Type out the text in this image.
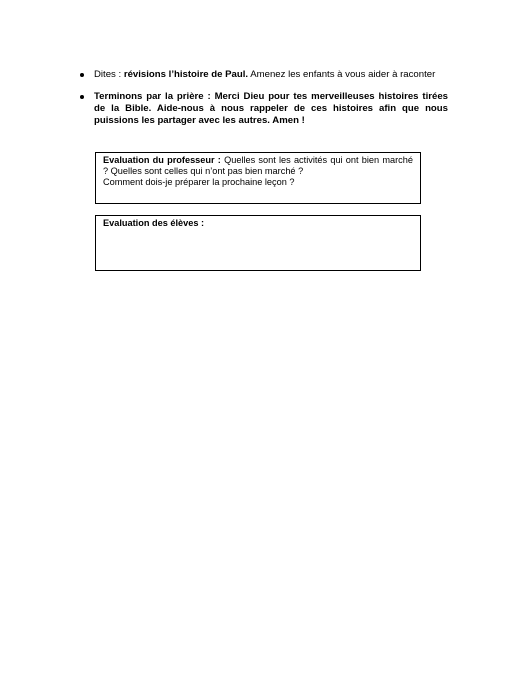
Dites : révisions l’histoire de Paul. Amenez les enfants à vous aider à raconter
Terminons par la prière : Merci Dieu pour tes merveilleuses histoires tirées de la Bible. Aide-nous à nous rappeler de ces histoires afin que nous puissions les partager avec les autres. Amen !
Evaluation du professeur : Quelles sont les activités qui ont bien marché ? Quelles sont celles qui n’ont pas bien marché ?
Comment dois-je préparer la prochaine leçon ?
Evaluation des élèves :
